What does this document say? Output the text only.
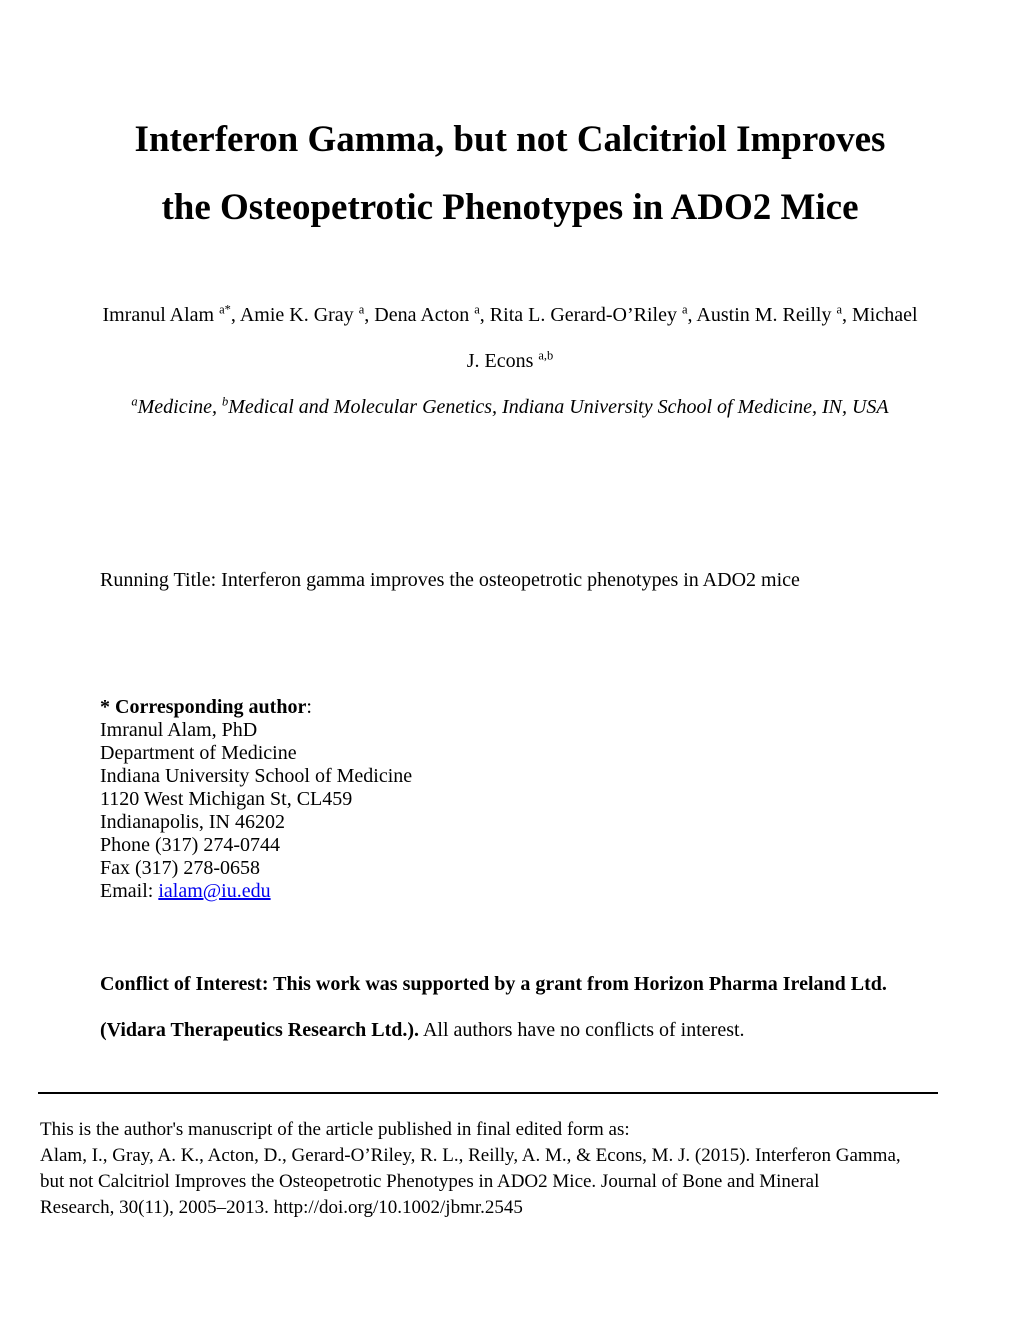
Interferon Gamma, but not Calcitriol Improves
the Osteopetrotic Phenotypes in ADO2 Mice
Imranul Alam $^{a*}$, Amie K. Gray $^a$, Dena Acton $^a$, Rita L. Gerard-O’Riley $^a$, Austin M. Reilly $^a$, Michael
J. Econs $^{a,b}$
$^a$Medicine, $^b$Medical and Molecular Genetics, Indiana University School of Medicine, IN, USA
Running Title: Interferon gamma improves the osteopetrotic phenotypes in ADO2 mice
* Corresponding author:
Imranul Alam, PhD
Department of Medicine
Indiana University School of Medicine
1120 West Michigan St, CL459
Indianapolis, IN 46202
Phone (317) 274-0744
Fax (317) 278-0658
Email: ialam@iu.edu
Conflict of Interest: This work was supported by a grant from Horizon Pharma Ireland Ltd.
(Vidara Therapeutics Research Ltd.). All authors have no conflicts of interest.
This is the author's manuscript of the article published in final edited form as:
Alam, I., Gray, A. K., Acton, D., Gerard-O’Riley, R. L., Reilly, A. M., & Econs, M. J. (2015). Interferon Gamma,
but not Calcitriol Improves the Osteopetrotic Phenotypes in ADO2 Mice. Journal of Bone and Mineral
Research, 30(11), 2005–2013. http://doi.org/10.1002/jbmr.2545
